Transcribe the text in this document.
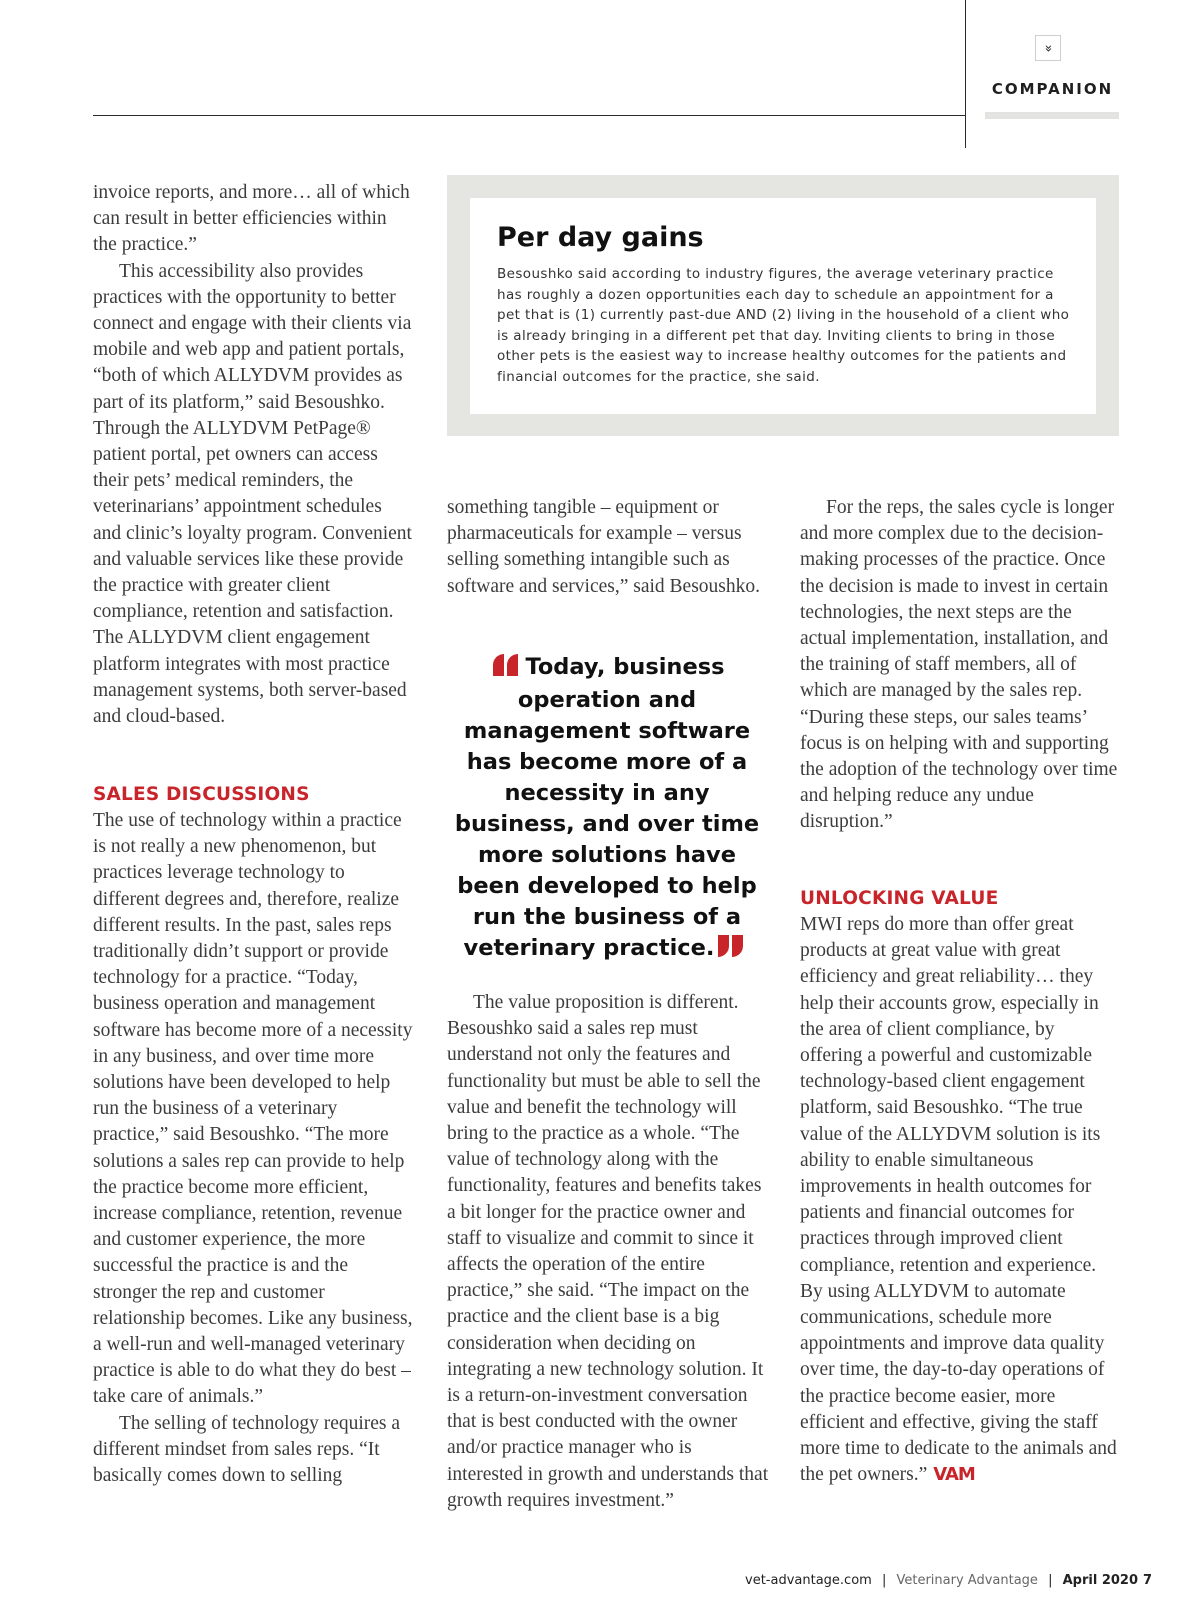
»
COMPANION
Per day gains
Besoushko said according to industry figures, the average veterinary practice has roughly a dozen opportunities each day to schedule an appointment for a pet that is (1) currently past-due AND (2) living in the household of a client who is already bringing in a different pet that day. Inviting clients to bring in those other pets is the easiest way to increase healthy outcomes for the patients and financial outcomes for the practice, she said.

invoice reports, and more… all of which can result in better efficiencies within the practice.”

This accessibility also provides practices with the opportunity to better connect and engage with their clients via mobile and web app and patient portals, “both of which ALLYDVM provides as part of its platform,” said Besoushko. Through the ALLYDVM PetPage® patient portal, pet owners can access their pets’ medical reminders, the veterinarians’ appointment schedules and clinic’s loyalty program. Convenient and valuable services like these provide the practice with greater client compliance, retention and satisfaction. The ALLYDVM client engagement platform integrates with most practice management systems, both server-based and cloud-based.

SALES DISCUSSIONS

The use of technology within a practice is not really a new phenomenon, but practices leverage technology to different degrees and, therefore, realize different results. In the past, sales reps traditionally didn’t support or provide technology for a practice. “Today, business operation and management software has become more of a necessity in any business, and over time more solutions have been developed to help run the business of a veterinary practice,” said Besoushko. “The more solutions a sales rep can provide to help the practice become more efficient, increase compliance, retention, revenue and customer experience, the more successful the practice is and the stronger the rep and customer relationship becomes. Like any business, a well-run and well-managed veterinary practice is able to do what they do best – take care of animals.”

The selling of technology requires a different mindset from sales reps. “It basically comes down to selling

something tangible – equipment or pharmaceuticals for example – versus selling something intangible such as software and services,” said Besoushko.

Today, business operation and management software has become more of a necessity in any business, and over time more solutions have been developed to help run the business of a veterinary practice.

The value proposition is different. Besoushko said a sales rep must understand not only the features and functionality but must be able to sell the value and benefit the technology will bring to the practice as a whole. “The value of technology along with the functionality, features and benefits takes a bit longer for the practice owner and staff to visualize and commit to since it affects the operation of the entire practice,” she said. “The impact on the practice and the client base is a big consideration when deciding on integrating a new technology solution. It is a return-on-investment conversation that is best conducted with the owner and/or practice manager who is interested in growth and understands that growth requires investment.”

For the reps, the sales cycle is longer and more complex due to the decision-making processes of the practice. Once the decision is made to invest in certain technologies, the next steps are the actual implementation, installation, and the training of staff members, all of which are managed by the sales rep. “During these steps, our sales teams’ focus is on helping with and supporting the adoption of the technology over time and helping reduce any undue disruption.”

UNLOCKING VALUE

MWI reps do more than offer great products at great value with great efficiency and great reliability… they help their accounts grow, especially in the area of client compliance, by offering a powerful and customizable technology-based client engagement platform, said Besoushko. “The true value of the ALLYDVM solution is its ability to enable simultaneous improvements in health outcomes for patients and financial outcomes for practices through improved client compliance, retention and experience. By using ALLYDVM to automate communications, schedule more appointments and improve data quality over time, the day-to-day operations of the practice become easier, more efficient and effective, giving the staff more time to dedicate to the animals and the pet owners.” VAM

vet-advantage.com | Veterinary Advantage | April 2020 7
